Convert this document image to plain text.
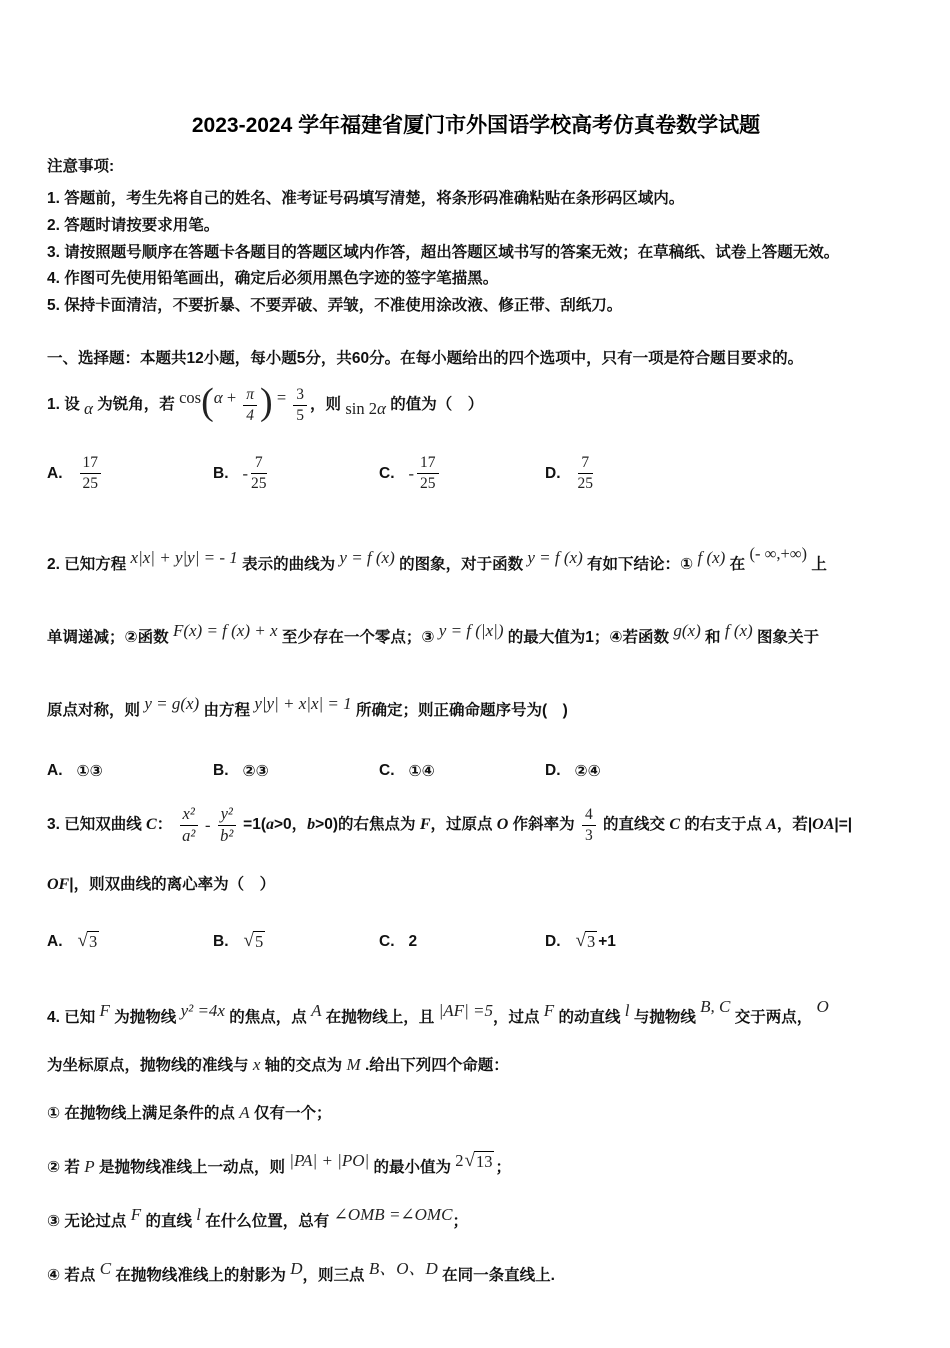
2023-2024 学年福建省厦门市外国语学校高考仿真卷数学试题
注意事项:
1. 答题前，考生先将自己的姓名、准考证号码填写清楚，将条形码准确粘贴在条形码区域内。
2. 答题时请按要求用笔。
3. 请按照题号顺序在答题卡各题目的答题区域内作答，超出答题区域书写的答案无效；在草稿纸、试卷上答题无效。
4. 作图可先使用铅笔画出，确定后必须用黑色字迹的签字笔描黑。
5. 保持卡面清洁，不要折暴、不要弄破、弄皱，不准使用涂改液、修正带、刮纸刀。
一、选择题：本题共12小题，每小题5分，共60分。在每小题给出的四个选项中，只有一项是符合题目要求的。
1. 设 α 为锐角，若 $\cos(\alpha + \frac{\pi}{4}$ ) = $\frac{3}{5}$ ，则 sin 2α 的值为（　）
A. $\frac{17}{25}$	B. - $\frac{7}{25}$	C. - $\frac{17}{25}$	D. $\frac{7}{25}$
2. 已知方程 x|x| + y|y| = - 1 表示的曲线为 y = f (x) 的图象，对于函数 y = f (x) 有如下结论：① f (x) 在 (- ∞,+∞) 上
单调递减；②函数 F(x) = f (x) + x 至少存在一个零点；③ y = f (|x|) 的最大值为1；④若函数 g(x) 和 f (x) 图象关于
原点对称，则 y = g(x) 由方程 y|y| + x|x| = 1 所确定；则正确命题序号为(　)
A. ①③	B. ②③	C. ①④	D. ②④
3. 已知双曲线 C： $\frac{\text{x²}}{\text{a²}} - \frac{\text{y²}}{\text{b²}} =1(a>0$，b>0)的右焦点为 F，过原点 O 作斜率为 $\frac{4}{3}$ 的直线交 C 的右支于点 A，若|OA|=|
OF|，则双曲线的离心率为（　）
A. √ 3	B. √ 5	C. 2	D. √ 3 +1
4. 已知 F 为抛物线 y² =4x 的焦点，点 A 在抛物线上，且 |AF| =5，过点 F 的动直线 l 与抛物线 B, C 交于两点， O
为坐标原点，抛物线的准线与 x 轴的交点为 M .给出下列四个命题：
① 在抛物线上满足条件的点 A 仅有一个；
② 若 P 是抛物线准线上一动点，则 |PA| + |PO| 的最小值为 2 √ 13 ；
③ 无论过点 F 的直线 l 在什么位置，总有 ∠OMB =∠OMC；
④ 若点 C 在抛物线准线上的射影为 D，则三点 B、O、D 在同一条直线上.
